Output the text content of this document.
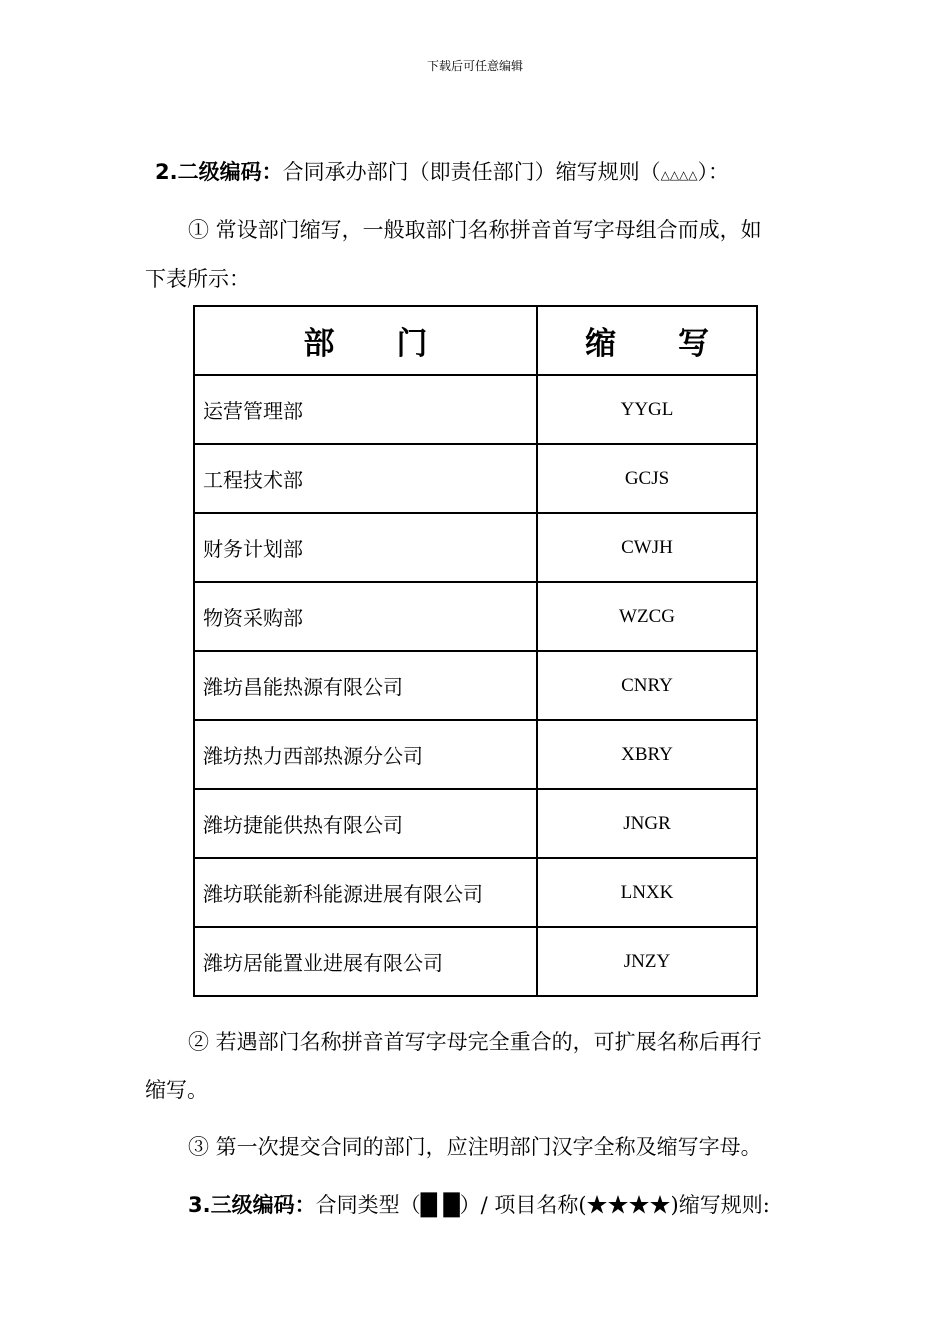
下载后可任意编辑
2.二级编码：合同承办部门（即责任部门）缩写规则（△△△△）：
① 常设部门缩写，一般取部门名称拼音首写字母组合而成，如
下表所示：
部　　门	缩　　写
运营管理部	YYGL
工程技术部	GCJS
财务计划部	CWJH
物资采购部	WZCG
潍坊昌能热源有限公司	CNRY
潍坊热力西部热源分公司	XBRY
潍坊捷能供热有限公司	JNGR
潍坊联能新科能源进展有限公司	LNXK
潍坊居能置业进展有限公司	JNZY
② 若遇部门名称拼音首写字母完全重合的，可扩展名称后再行
缩写。
③ 第一次提交合同的部门，应注明部门汉字全称及缩写字母。
3.三级编码：合同类型（█ █）/ 项目名称(★★★★)缩写规则:
